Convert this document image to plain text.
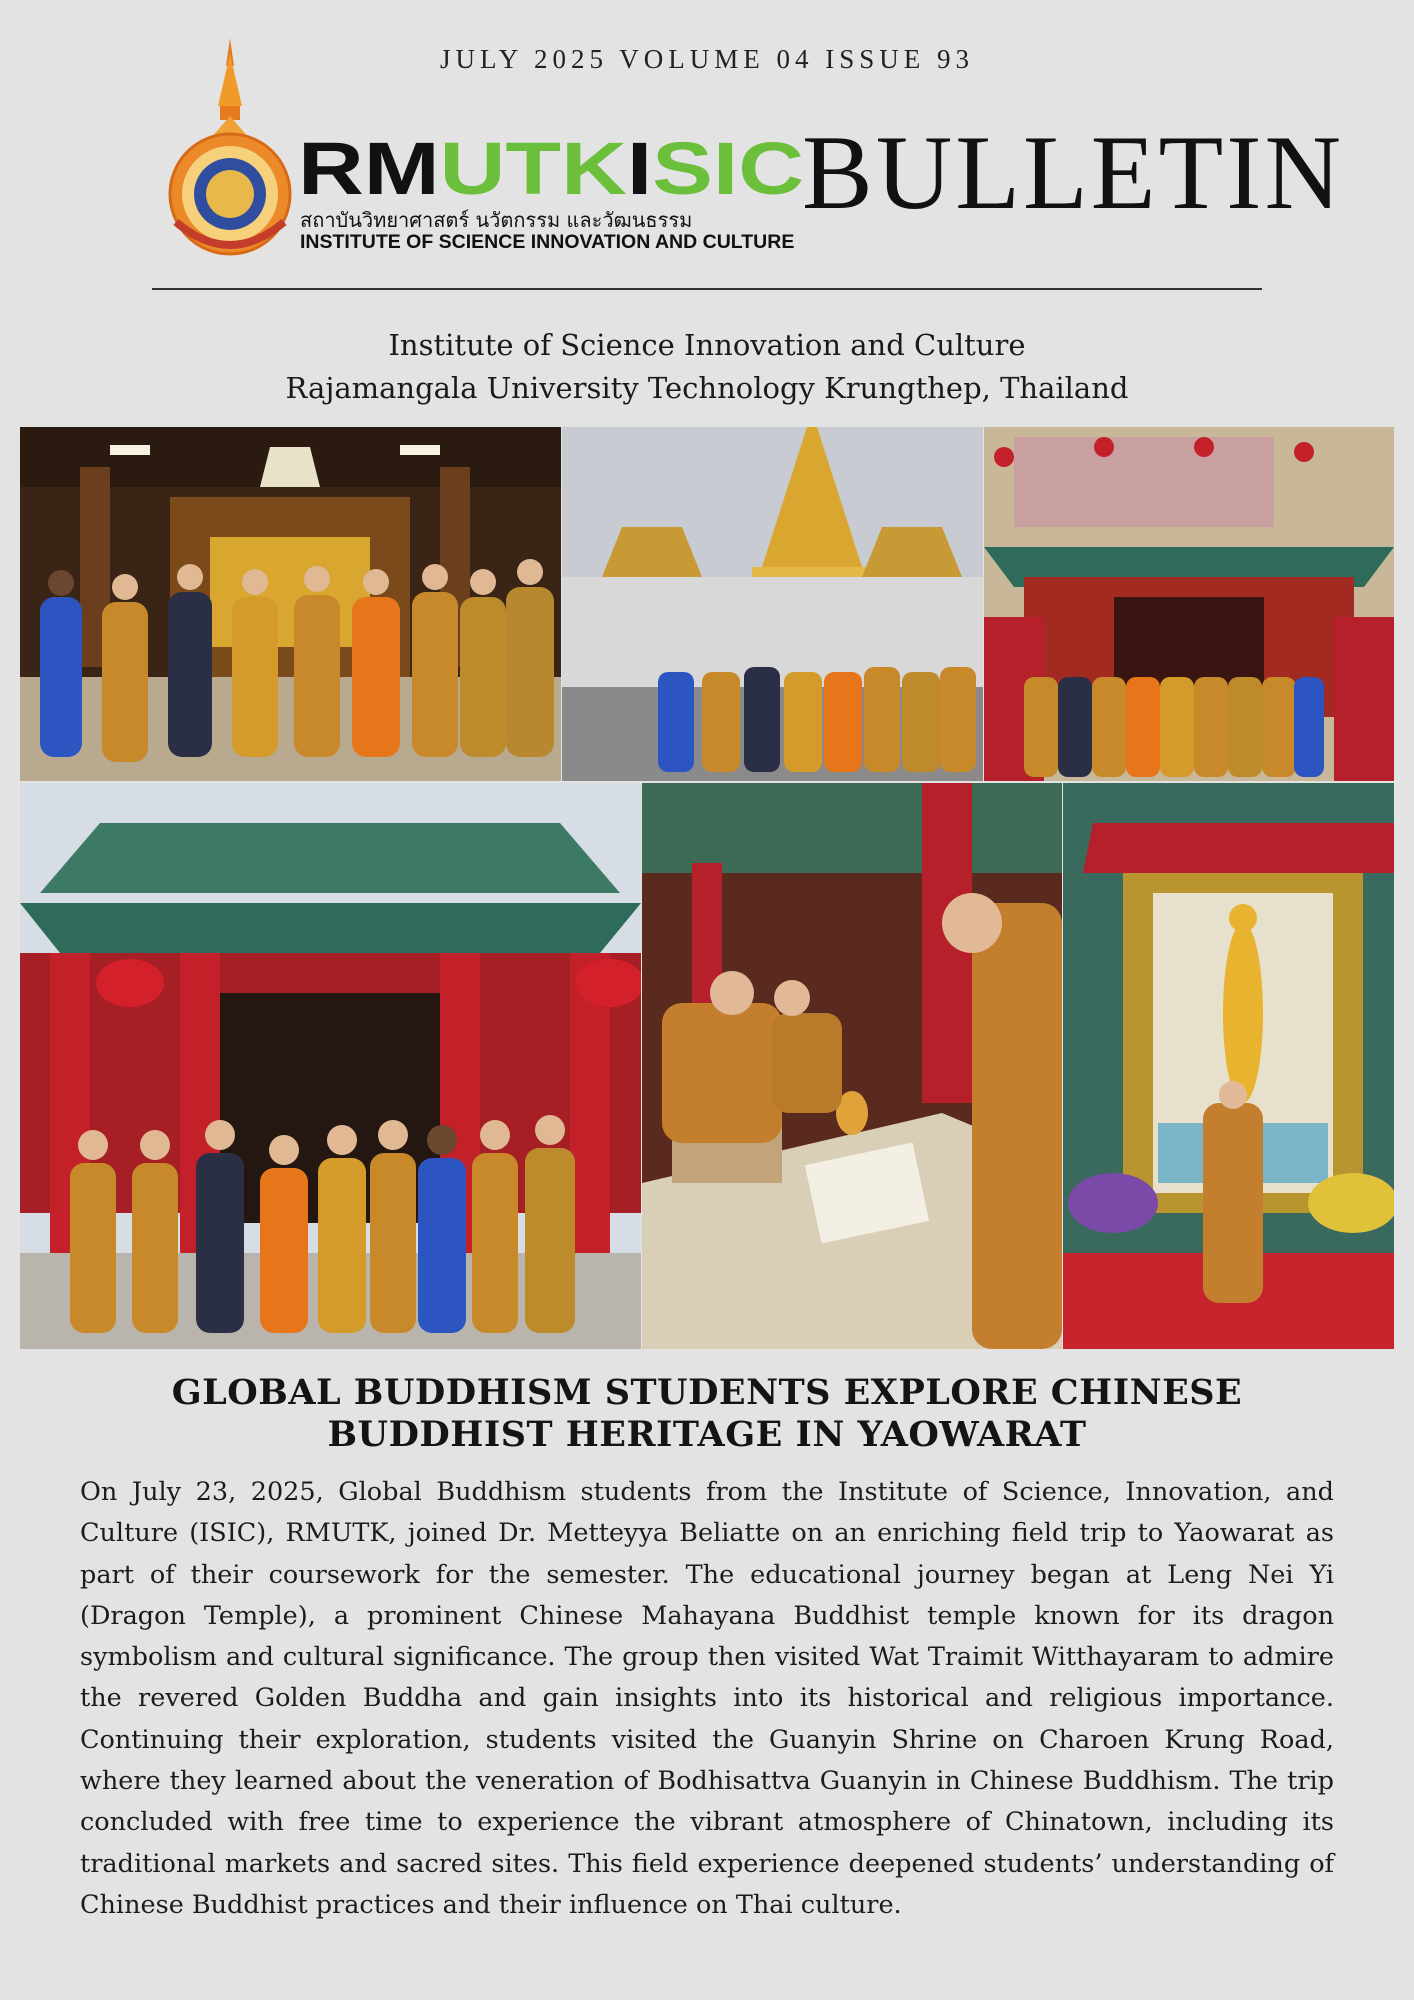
JULY 2025 VOLUME 04 ISSUE 93
RM UTK ISIC
สถาบันวิทยาศาสตร์ นวัตกรรม และวัฒนธรรม
INSTITUTE OF SCIENCE INNOVATION AND CULTURE
BULLETIN
Institute of Science Innovation and Culture
Rajamangala University Technology Krungthep, Thailand
GLOBAL BUDDHISM STUDENTS EXPLORE CHINESE BUDDHIST HERITAGE IN YAOWARAT
On July 23, 2025, Global Buddhism students from the Institute of Science, Innovation, and Culture (ISIC), RMUTK, joined Dr. Metteyya Beliatte on an enriching field trip to Yaowarat as part of their coursework for the semester. The educational journey began at Leng Nei Yi (Dragon Temple), a prominent Chinese Mahayana Buddhist temple known for its dragon symbolism and cultural significance. The group then visited Wat Traimit Witthayaram to admire the revered Golden Buddha and gain insights into its historical and religious importance. Continuing their exploration, students visited the Guanyin Shrine on Charoen Krung Road, where they learned about the veneration of Bodhisattva Guanyin in Chinese Buddhism. The trip concluded with free time to experience the vibrant atmosphere of Chinatown, including its traditional markets and sacred sites. This field experience deepened students’ understanding of Chinese Buddhist practices and their influence on Thai culture.
